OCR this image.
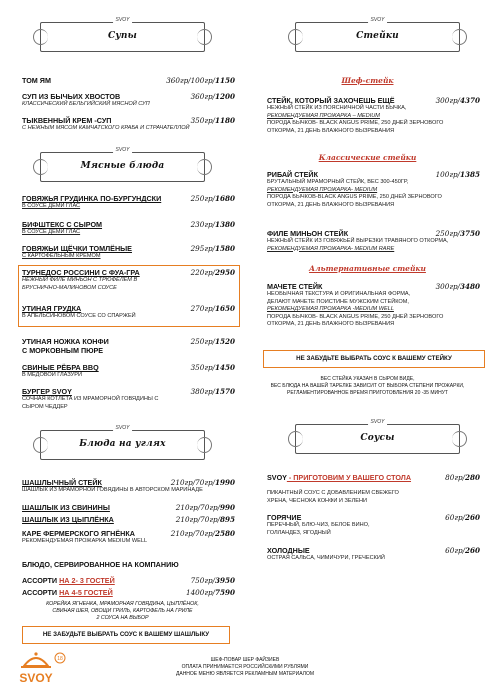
SVOY
Супы
ТОМ ЯМ	360гр/100гр/1150
СУП ИЗ БЫЧЬИХ ХВОСТОВ	360гр/1200
КЛАССИЧЕСКИЙ БЕЛЬГИЙСКИЙ МЯСНОЙ СУП
ТЫКВЕННЫЙ КРЕМ -СУП	350гр/1180
С НЕЖНЫМ МЯСОМ КАМЧАТСКОГО КРАБА И СТРАЧАТЕЛЛОЙ
SVOY
Мясные блюда
ГОВЯЖЬЯ ГРУДИНКА ПО-БУРГУНДСКИ	250гр/1680
В СОУСЕ ДЕМИ ГЛАС
БИФШТЕКС С СЫРОМ	230гр/1380
В СОУСЕ ДЕМИ ГЛАС
ГОВЯЖЬИ ЩЁЧКИ ТОМЛЁНЫЕ	295гр/1580
С КАРТОФЕЛЬНЫМ КРЕМОМ
ТУРНЕДОС РОССИНИ С ФУА-ГРА	220гр/2950
НЕЖНЫЙ ФИЛЕ МИНЬОН С ТРЮФЕЛЕМ В БРУСНИЧНО-МАЛИНОВОМ СОУСЕ
УТИНАЯ ГРУДКА	270гр/1650
В АПЕЛЬСИНОВОМ СОУСЕ СО СПАРЖЕЙ
УТИНАЯ НОЖКА КОНФИ	250гр/1520
С МОРКОВНЫМ ПЮРЕ
СВИНЫЕ РЁБРА BBQ	350гр/1450
В МЕДОВОЙ ГЛАЗУРИ
БУРГЕР SVOY	380гр/1570
СОЧНАЯ КОТЛЕТА ИЗ МРАМОРНОЙ ГОВЯДИНЫ С СЫРОМ ЧЕДДЕР
SVOY
Блюда на углях
ШАШЛЫЧНЫЙ СТЕЙК	210гр/70гр/1990
ШАШЛЫК ИЗ МРАМОРНОЙ ГОВЯДИНЫ В АВТОРСКОМ МАРИНАДЕ
ШАШЛЫК ИЗ СВИНИНЫ	210гр/70гр/990
ШАШЛЫК ИЗ ЦЫПЛЁНКА	210гр/70гр/895
КАРЕ ФЕРМЕРСКОГО ЯГНЁНКА	210гр/70гр/2580
РЕКОМЕНДУЕМАЯ ПРОЖАРКА MEDIUM WELL
БЛЮДО, СЕРВИРОВАННОЕ НА КОМПАНИЮ
АССОРТИ НА 2- 3 ГОСТЕЙ	750гр/3950
АССОРТИ НА 4-5 ГОСТЕЙ	1400гр/7590
КОРЕЙКА ЯГНЕНКА, МРАМОРНАЯ ГОВЯДИНА, ЦЫПЛЁНОК,
СВИНАЯ ШЕЯ, ОВОЩИ ГРИЛЬ, КАРТОФЕЛЬ НА ГРИЛЕ
2 СОУСА НА ВЫБОР
НЕ ЗАБУДЬТЕ ВЫБРАТЬ СОУС К ВАШЕМУ ШАШЛЫКУ
18
SVOY
SVOY
Стейки
Шеф-стейк
СТЕЙК, КОТОРЫЙ ЗАХОЧЕШЬ ЕЩЁ	300гр/4370
НЕЖНЫЙ СТЕЙК ИЗ ПОЯСНИЧНОЙ ЧАСТИ БЫЧКА,
РЕКОМЕНДУЕМАЯ ПРОЖАРКА – MEDIUM
ПОРОДА БЫЧКОВ- BLACK ANGUS PRIME, 250 ДНЕЙ ЗЕРНОВОГО
ОТКОРМА, 21 ДЕНЬ ВЛАЖНОГО ВЫЗРЕВАНИЯ
Классические стейки
РИБАЙ СТЕЙК	100гр/1385
БРУТАЛЬНЫЙ МРАМОРНЫЙ СТЕЙК, ВЕС 300-450ГР,
РЕКОМЕНДУЕМАЯ ПРОЖАРКА- MEDIUM
ПОРОДА БЫЧКОВ-BLACK ANGUS PRIME, 250 ДНЕЙ ЗЕРНОВОГО
ОТКОРМА, 21 ДЕНЬ ВЛАЖНОГО ВЫЗРЕВАНИЯ
ФИЛЕ МИНЬОН СТЕЙК	250гр/3750
НЕЖНЫЙ СТЕЙК ИЗ ГОВЯЖЬЕЙ ВЫРЕЗКИ ТРАВЯНОГО ОТКОРМА,
РЕКОМЕНДУЕМАЯ ПРОЖАРКА- MEDIUM RARE
Альтернативные стейки
МАЧЕТЕ СТЕЙК	300гр/3480
НЕОБЫЧНАЯ ТЕКСТУРА И ОРИГИНАЛЬНАЯ ФОРМА,
ДЕЛАЮТ МАЧЕТЕ ПОИСТИНЕ МУЖСКИМ СТЕЙКОМ,
РЕКОМЕНДУЕМАЯ ПРОЖАРКА -MEDIUM WELL
ПОРОДА БЫЧКОВ- BLACK ANGUS PRIME, 250 ДНЕЙ ЗЕРНОВОГО
ОТКОРМА, 21 ДЕНЬ ВЛАЖНОГО ВЫЗРЕВАНИЯ
НЕ ЗАБУДЬТЕ ВЫБРАТЬ СОУС К ВАШЕМУ СТЕЙКУ
ВЕС СТЕЙКА УКАЗАН В СЫРОМ ВИДЕ,
ВЕС БЛЮДА НА ВАШЕЙ ТАРЕЛКЕ ЗАВИСИТ ОТ ВЫБОРА СТЕПЕНИ ПРОЖАРКИ,
РЕГЛАМЕНТИРОВАННОЕ ВРЕМЯ ПРИГОТОВЛЕНИЯ 20 -35 МИНУТ
SVOY
Соусы
SVOY - ПРИГОТОВИМ У ВАШЕГО СТОЛА	80гр/280
ПИКАНТНЫЙ СОУС С ДОБАВЛЕНИЕМ СВЕЖЕГО
ХРЕНА, ЧЕСНОКА КОНФИ И ЗЕЛЕНИ
ГОРЯЧИЕ	60гр/260
ПЕРЕЧНЫЙ, БЛЮ-ЧИЗ, БЕЛОЕ ВИНО,
ГОЛЛАНДЕЗ, ЯГОДНЫЙ
ХОЛОДНЫЕ	60гр/260
ОСТРАЯ САЛЬСА, ЧИМИЧУРИ, ГРЕЧЕСКИЙ
ШЕФ-ПОВАР ШЕР ФАЙЗИЕВ
ОПЛАТА ПРИНИМАЕТСЯ РОССИЙСКИМИ РУБЛЯМИ
ДАННОЕ МЕНЮ ЯВЛЯЕТСЯ РЕКЛАМНЫМ МАТЕРИАЛОМ
